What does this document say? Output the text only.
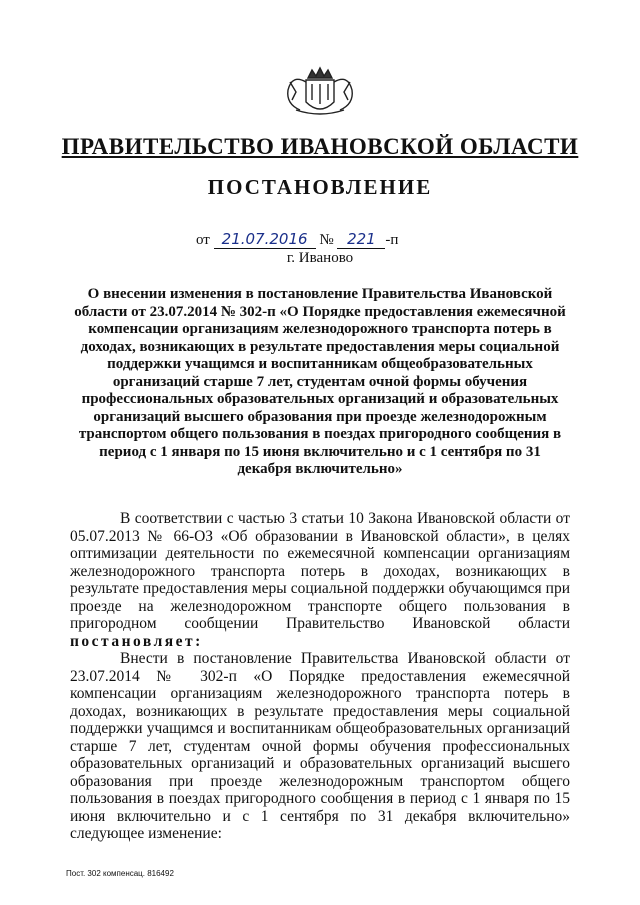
ПРАВИТЕЛЬСТВО ИВАНОВСКОЙ ОБЛАСТИ
ПОСТАНОВЛЕНИЕ
от 21.07.2016 № 221 -п
г. Иваново
О внесении изменения в постановление Правительства Ивановской области от 23.07.2014 № 302-п «О Порядке предоставления ежемесячной компенсации организациям железнодорожного транспорта потерь в доходах, возникающих в результате предоставления меры социальной поддержки учащимся и воспитанникам общеобразовательных организаций старше 7 лет, студентам очной формы обучения профессиональных образовательных организаций и образовательных организаций высшего образования при проезде железнодорожным транспортом общего пользования в поездах пригородного сообщения в период с 1 января по 15 июня включительно и с 1 сентября по 31 декабря включительно»

В соответствии с частью 3 статьи 10 Закона Ивановской области от 05.07.2013 № 66-ОЗ «Об образовании в Ивановской области», в целях оптимизации деятельности по ежемесячной компенсации организациям железнодорожного транспорта потерь в доходах, возникающих в результате предоставления меры социальной поддержки обучающимся при проезде на железнодорожном транспорте общего пользования в пригородном сообщении Правительство Ивановской области постановляет:

Внести в постановление Правительства Ивановской области от 23.07.2014 № 302-п «О Порядке предоставления ежемесячной компенсации организациям железнодорожного транспорта потерь в доходах, возникающих в результате предоставления меры социальной поддержки учащимся и воспитанникам общеобразовательных организаций старше 7 лет, студентам очной формы обучения профессиональных образовательных организаций и образовательных организаций высшего образования при проезде железнодорожным транспортом общего пользования в поездах пригородного сообщения в период с 1 января по 15 июня включительно и с 1 сентября по 31 декабря включительно» следующее изменение:

Пост. 302 компенсац. 816492
